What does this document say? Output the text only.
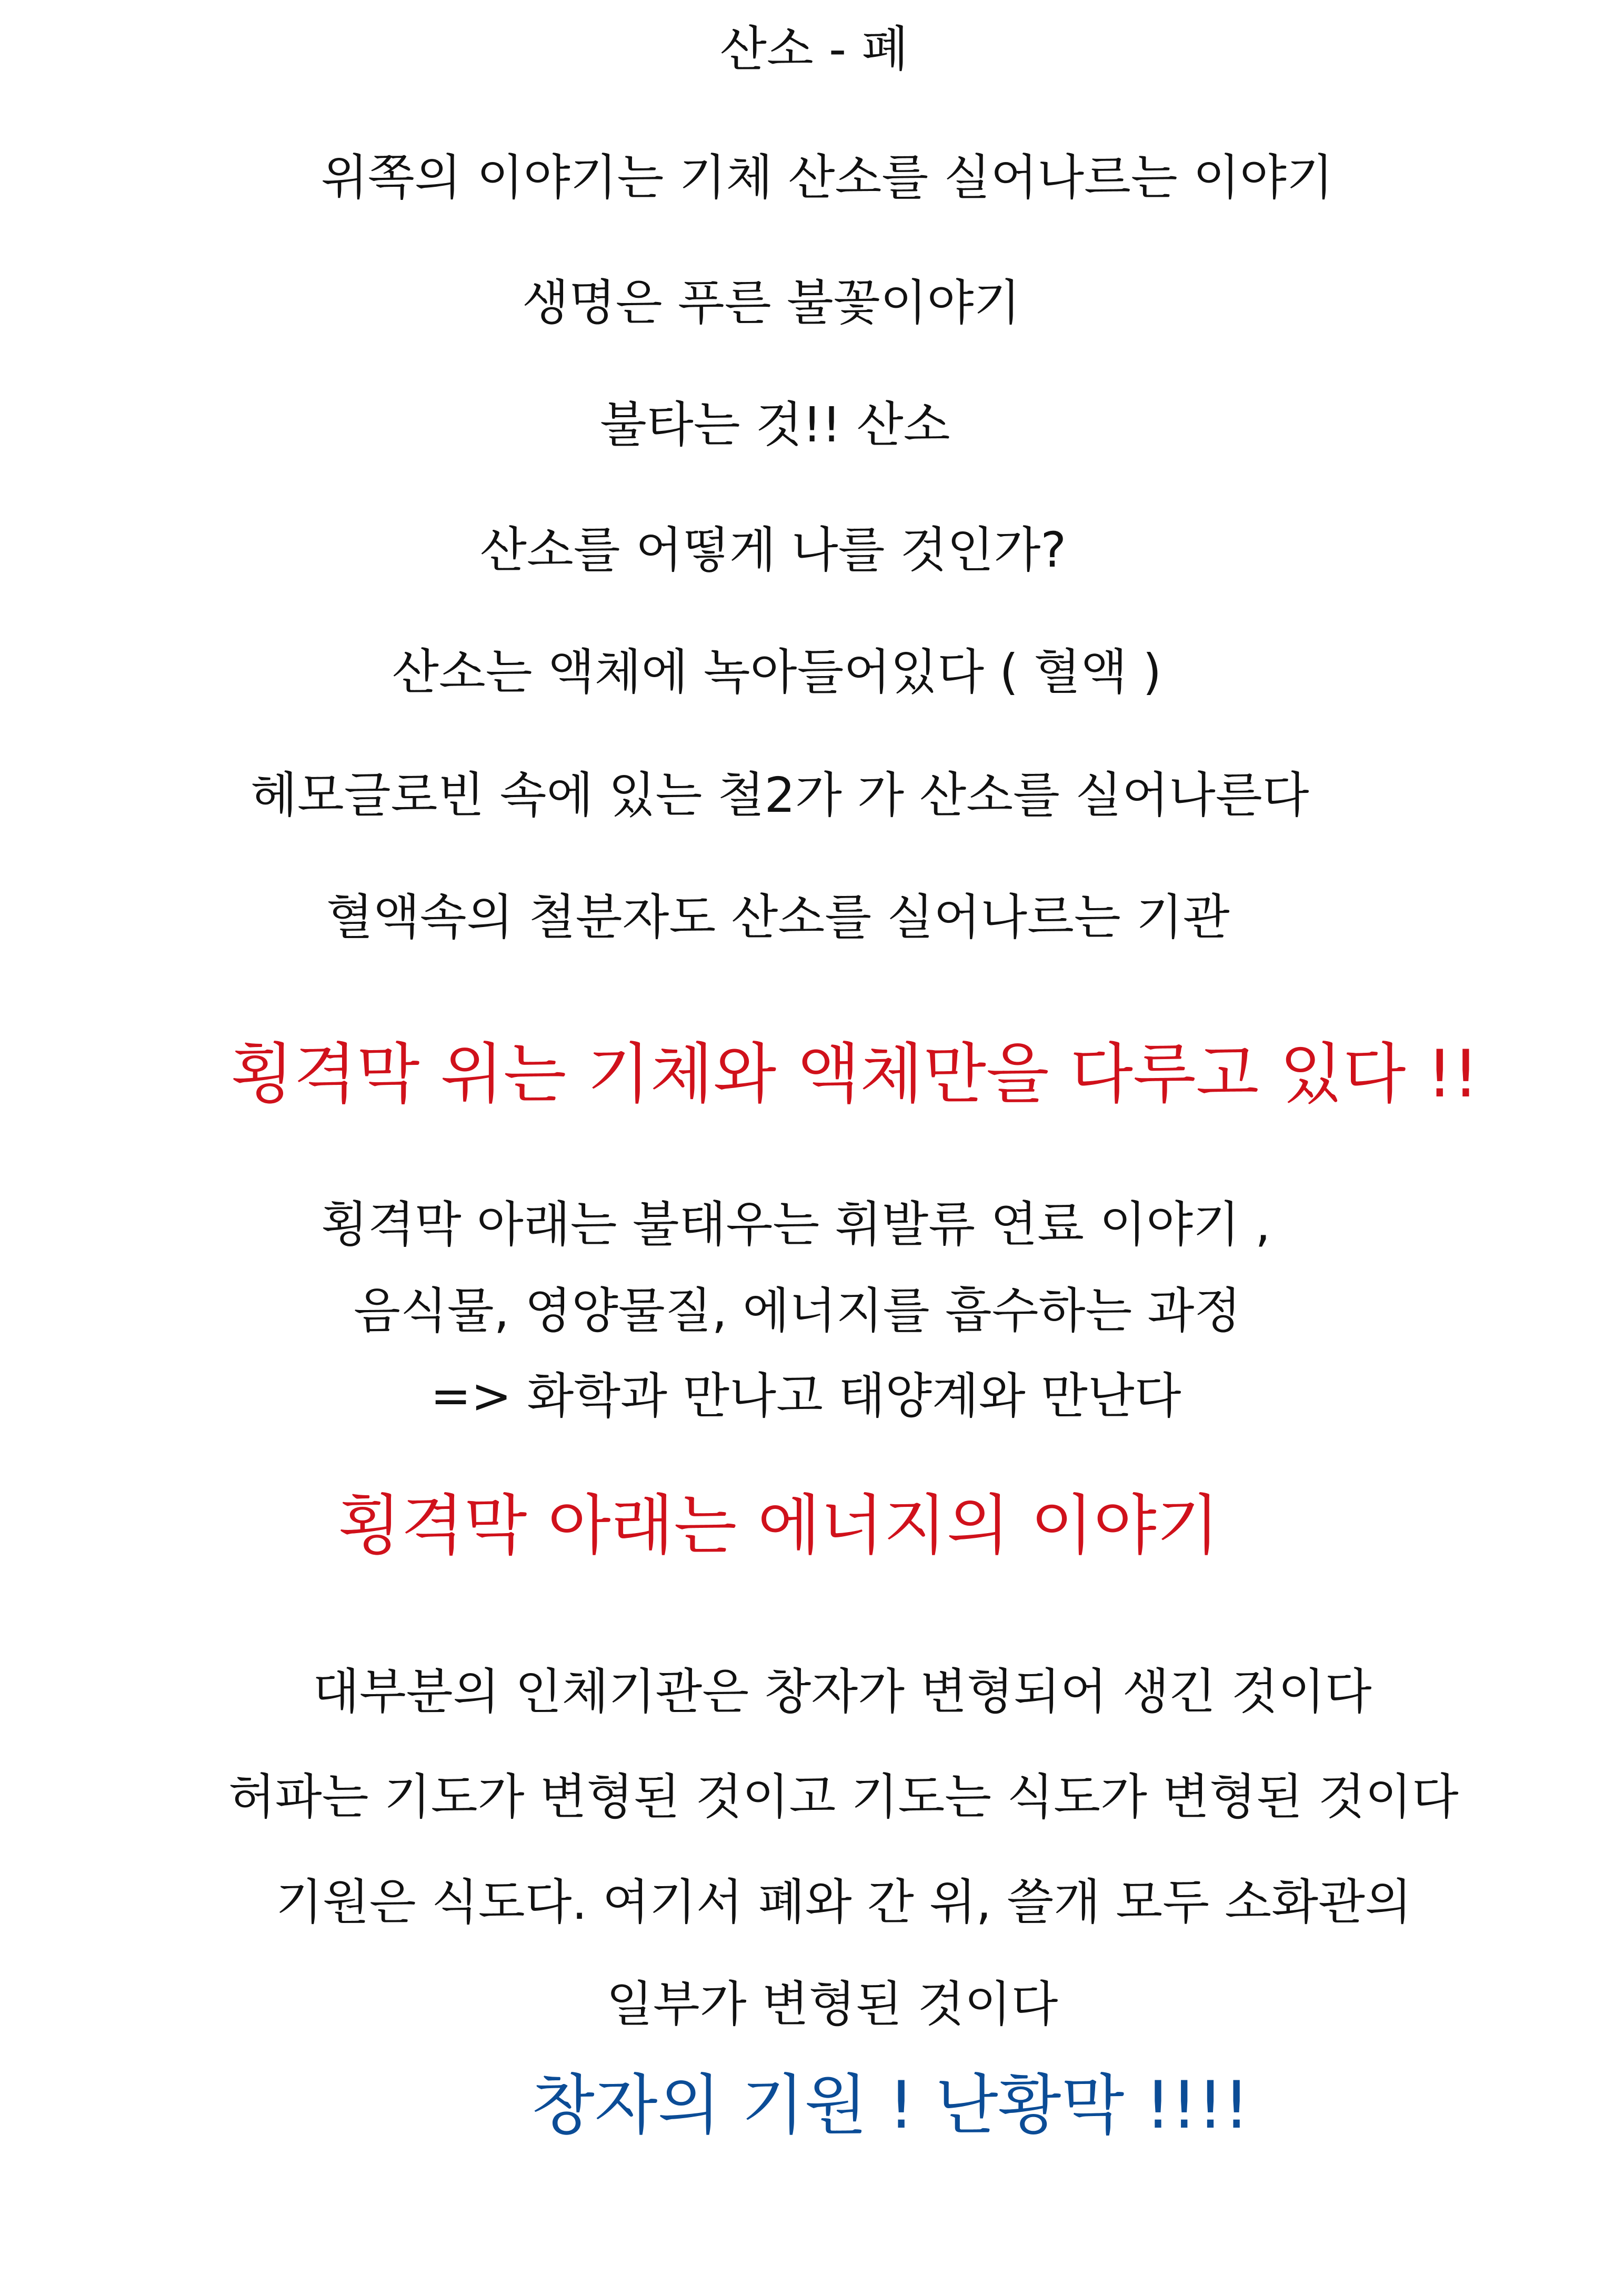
산소 - 폐
위쪽의 이야기는 기체 산소를 실어나르는 이야기
생명은 푸른 불꽃이야기
불타는 것!! 산소
산소를 어떻게 나를 것인가?
산소는 액체에 녹아들어있다 ( 혈액 )
헤모글로빈 속에 있는 철2가 가 산소를 실어나른다
혈액속의 철분자도 산소를 실어나르는 기관
횡격막 위는 기체와 액체만을 다루고 있다 !!
횡격막 아래는 불태우는 휘발류 연료 이야기 ,
음식물, 영양물질, 에너지를 흡수하는 과정
=> 화학과 만나고 태양계와 만난다
횡격막 아래는 에너지의 이야기
대부분의 인체기관은 창자가 변형되어 생긴 것이다
허파는 기도가 변형된 것이고 기도는 식도가 변형된 것이다
기원은 식도다. 여기서 폐와 간 위, 쓸개 모두 소화관의
일부가 변형된 것이다
창자의 기원 ! 난황막 !!!!
